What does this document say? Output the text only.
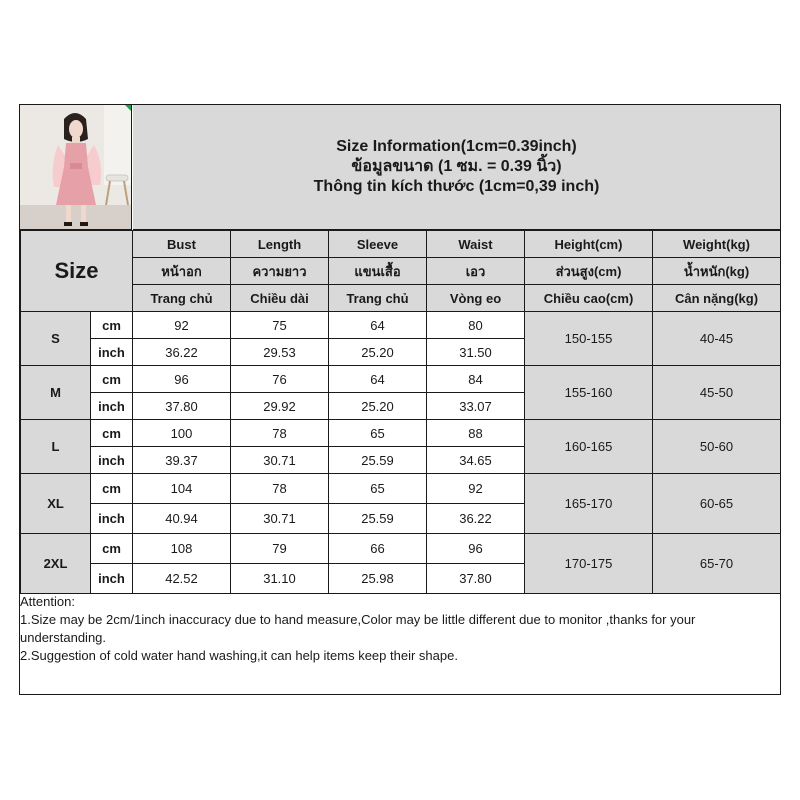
Size Information(1cm=0.39inch)
ข้อมูลขนาด (1 ซม. = 0.39 นิ้ว)
Thông tin kích thước (1cm=0,39 inch)
Size		Bust	Length	Sleeve	Waist	Height(cm)	Weight(kg)
		หน้าอก	ความยาว	แขนเสื้อ	เอว	ส่วนสูง(cm)	น้ำหนัก(kg)
		Trang chủ	Chiều dài	Trang chủ	Vòng eo	Chiều cao(cm)	Cân nặng(kg)
S	cm	92	75	64	80	150-155	40-45
	inch	36.22	29.53	25.20	31.50		
M	cm	96	76	64	84	155-160	45-50
	inch	37.80	29.92	25.20	33.07		
L	cm	100	78	65	88	160-165	50-60
	inch	39.37	30.71	25.59	34.65		
XL	cm	104	78	65	92	165-170	60-65
	inch	40.94	30.71	25.59	36.22		
2XL	cm	108	79	66	96	170-175	65-70
	inch	42.52	31.10	25.98	37.80		
Attention:
1.Size may be 2cm/1inch inaccuracy due to hand measure,Color may be little different due to monitor ,thanks for your understanding.
2.Suggestion of cold water hand washing,it can help items keep their shape.
